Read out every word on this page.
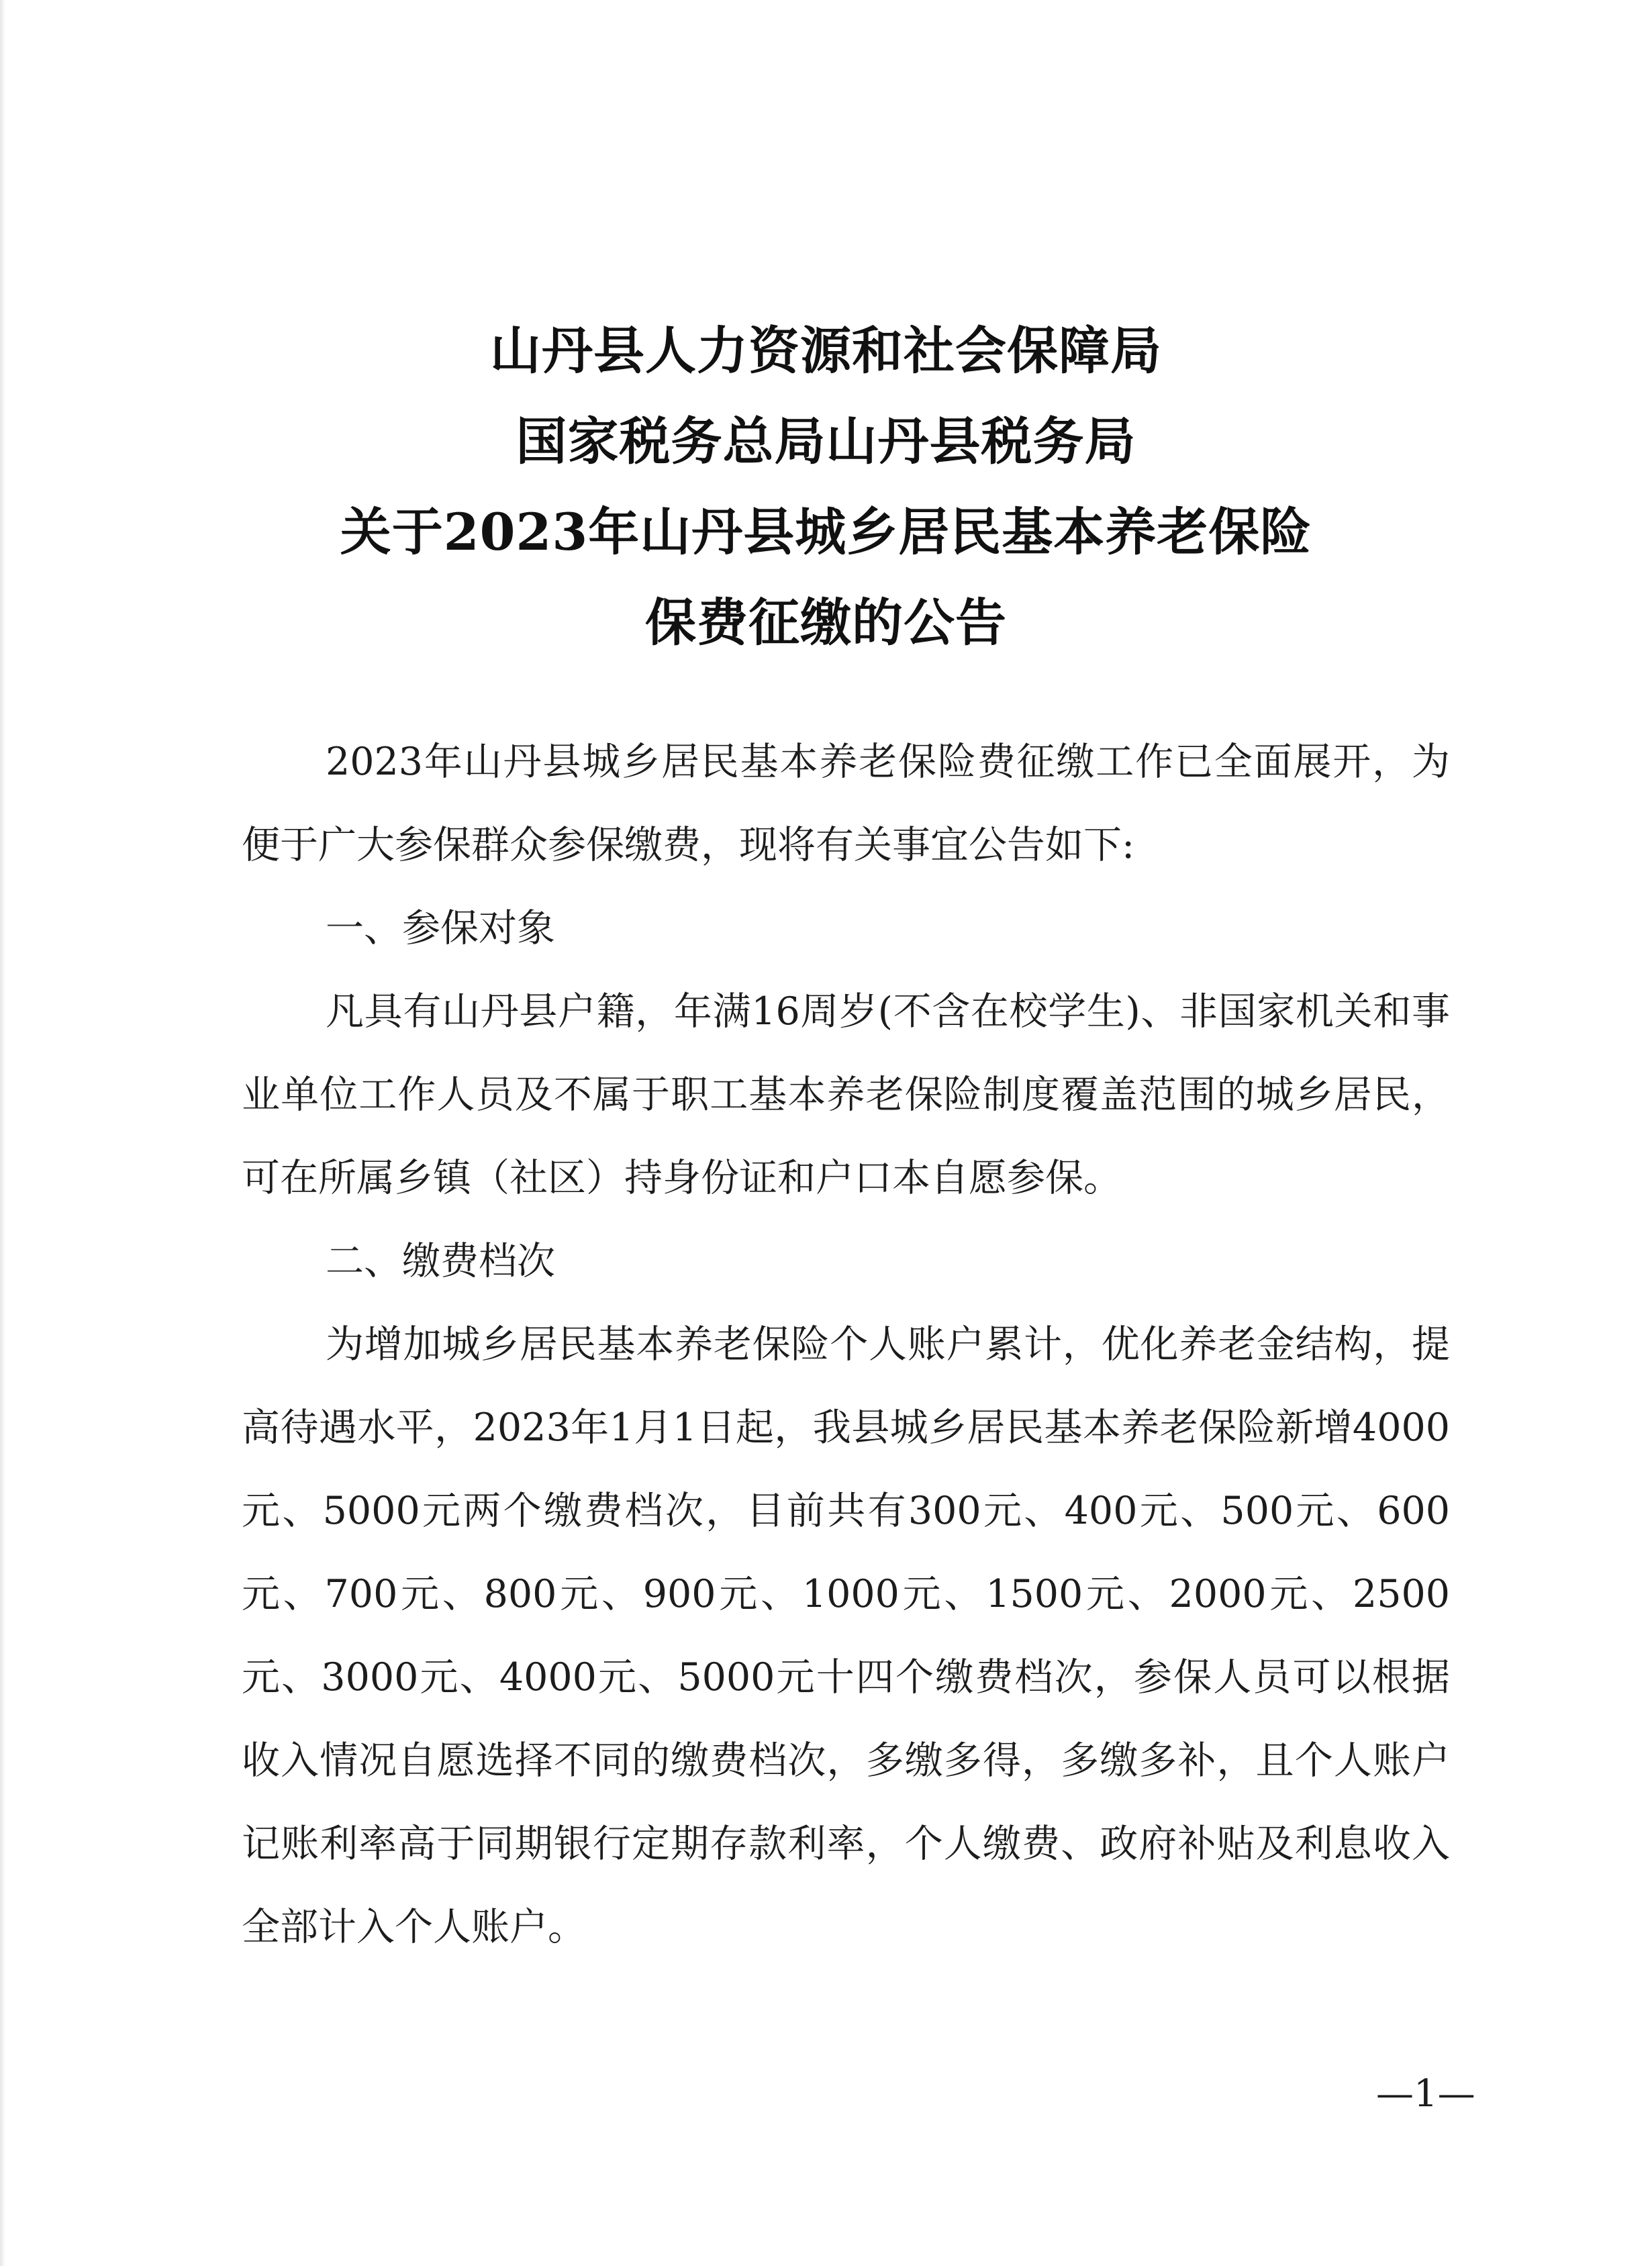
山丹县人力资源和社会保障局
国家税务总局山丹县税务局
关于2023年山丹县城乡居民基本养老保险
保费征缴的公告

2023年山丹县城乡居民基本养老保险费征缴工作已全面展开，为便于广大参保群众参保缴费，现将有关事宜公告如下:

一、参保对象

凡具有山丹县户籍，年满16周岁(不含在校学生)、非国家机关和事业单位工作人员及不属于职工基本养老保险制度覆盖范围的城乡居民，可在所属乡镇（社区）持身份证和户口本自愿参保。

二、缴费档次

为增加城乡居民基本养老保险个人账户累计，优化养老金结构，提高待遇水平，2023年1月1日起，我县城乡居民基本养老保险新增4000元、5000元两个缴费档次，目前共有300元、400元、500元、600元、700元、800元、900元、1000元、1500元、2000元、2500元、3000元、4000元、5000元十四个缴费档次，参保人员可以根据收入情况自愿选择不同的缴费档次，多缴多得，多缴多补，且个人账户记账利率高于同期银行定期存款利率，个人缴费、政府补贴及利息收入全部计入个人账户。

—1—
